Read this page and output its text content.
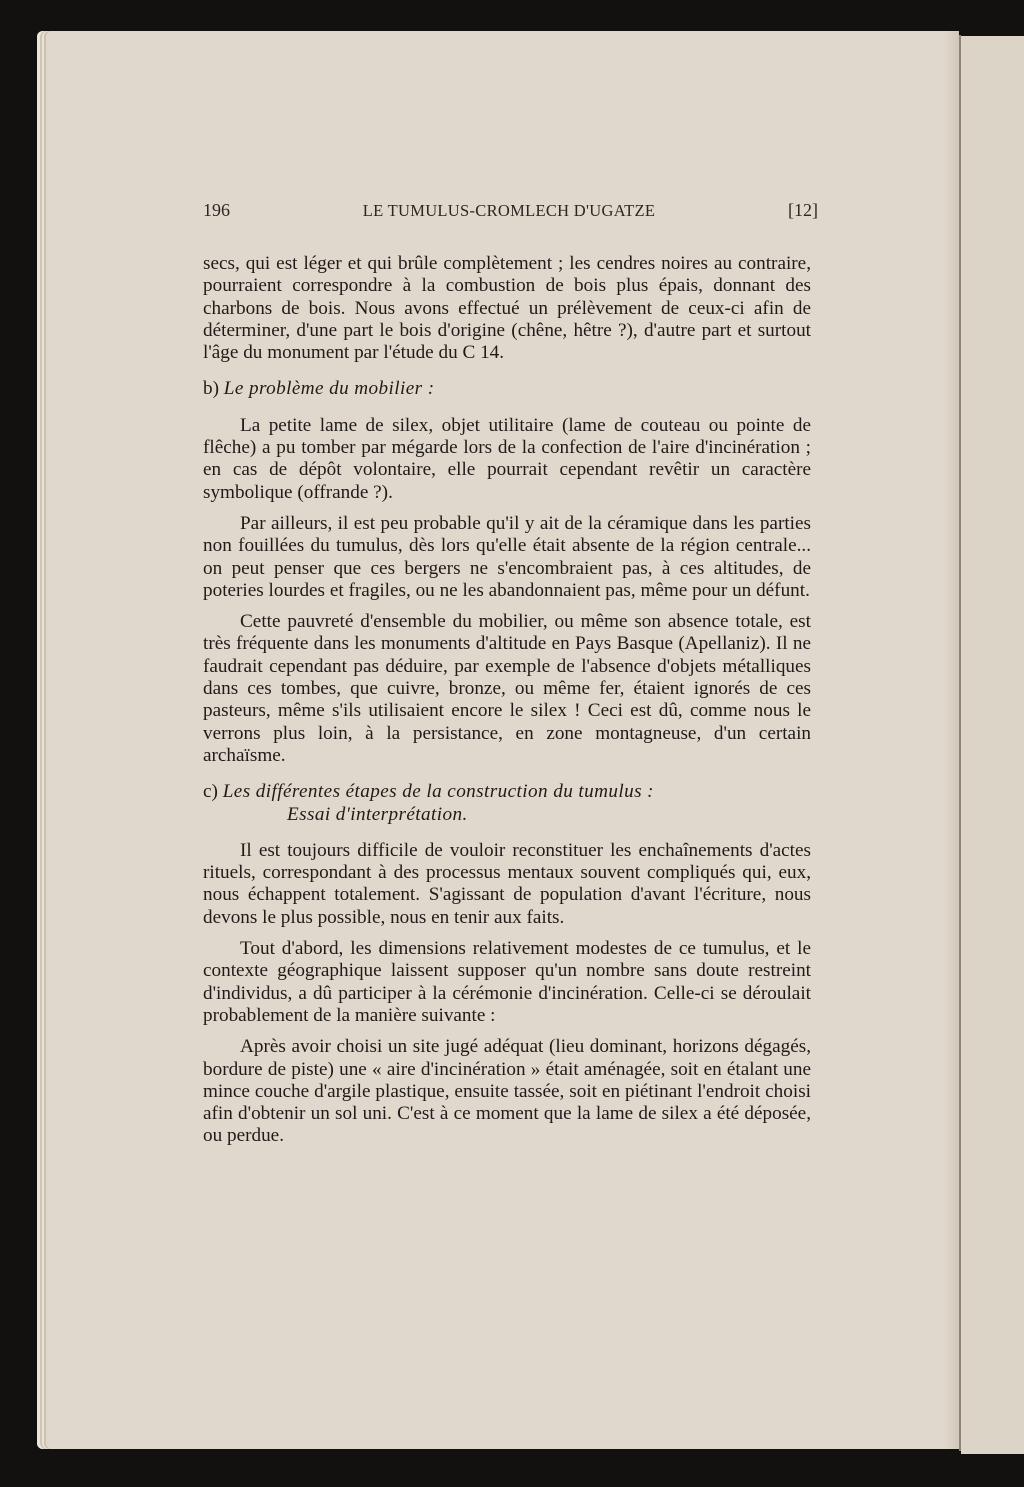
196	LE TUMULUS-CROMLECH D'UGATZE	[12]

secs, qui est léger et qui brûle complètement ; les cendres noires au contraire, pourraient correspondre à la combustion de bois plus épais, donnant des charbons de bois. Nous avons effectué un prélèvement de ceux-ci afin de déterminer, d'une part le bois d'origine (chêne, hêtre ?), d'autre part et surtout l'âge du monument par l'étude du C 14.

b) Le problème du mobilier :

La petite lame de silex, objet utilitaire (lame de couteau ou pointe de flêche) a pu tomber par mégarde lors de la confection de l'aire d'incinération ; en cas de dépôt volontaire, elle pourrait cependant revêtir un caractère symbolique (offrande ?).

Par ailleurs, il est peu probable qu'il y ait de la céramique dans les parties non fouillées du tumulus, dès lors qu'elle était absente de la région centrale... on peut penser que ces bergers ne s'encombraient pas, à ces altitudes, de poteries lourdes et fragiles, ou ne les abandonnaient pas, même pour un défunt.

Cette pauvreté d'ensemble du mobilier, ou même son absence totale, est très fréquente dans les monuments d'altitude en Pays Basque (Apellaniz). Il ne faudrait cependant pas déduire, par exemple de l'absence d'objets métalliques dans ces tombes, que cuivre, bronze, ou même fer, étaient ignorés de ces pasteurs, même s'ils utilisaient encore le silex ! Ceci est dû, comme nous le verrons plus loin, à la persistance, en zone montagneuse, d'un certain archaïsme.

c) Les différentes étapes de la construction du tumulus :
Essai d'interprétation.

Il est toujours difficile de vouloir reconstituer les enchaînements d'actes rituels, correspondant à des processus mentaux souvent compliqués qui, eux, nous échappent totalement. S'agissant de population d'avant l'écriture, nous devons le plus possible, nous en tenir aux faits.

Tout d'abord, les dimensions relativement modestes de ce tumulus, et le contexte géographique laissent supposer qu'un nombre sans doute restreint d'individus, a dû participer à la cérémonie d'incinération. Celle-ci se déroulait probablement de la manière suivante :

Après avoir choisi un site jugé adéquat (lieu dominant, horizons dégagés, bordure de piste) une « aire d'incinération » était aménagée, soit en étalant une mince couche d'argile plastique, ensuite tassée, soit en piétinant l'endroit choisi afin d'obtenir un sol uni. C'est à ce moment que la lame de silex a été déposée, ou perdue.
